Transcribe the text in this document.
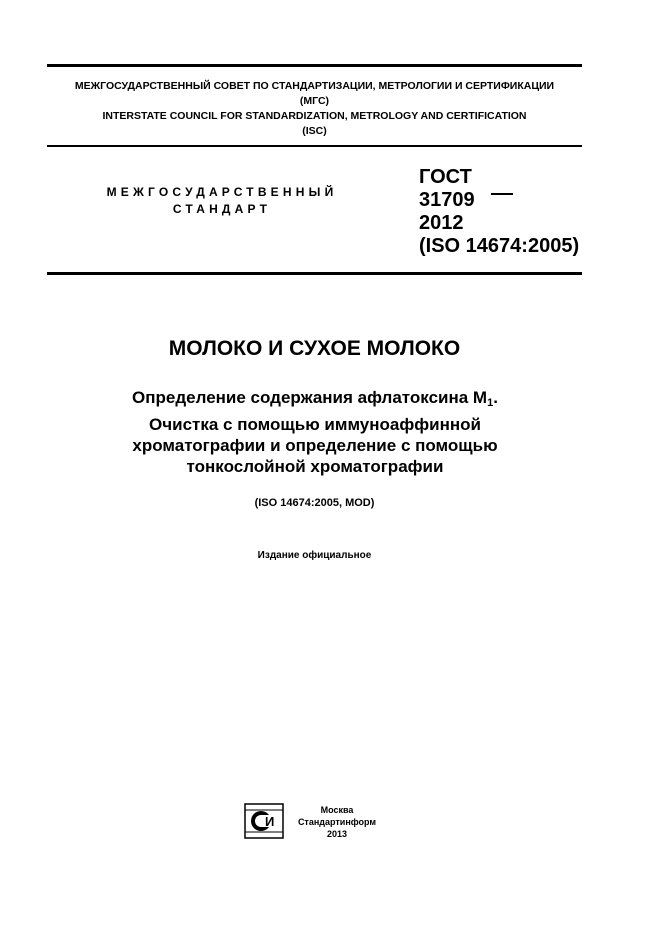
МЕЖГОСУДАРСТВЕННЫЙ СОВЕТ ПО СТАНДАРТИЗАЦИИ, МЕТРОЛОГИИ И СЕРТИФИКАЦИИ
(МГС)
INTERSTATE COUNCIL FOR STANDARDIZATION, METROLOGY AND CERTIFICATION
(ISC)
МЕЖГОСУДАРСТВЕННЫЙ
СТАНДАРТ
ГОСТ
31709
2012
(ISO 14674:2005)
МОЛОКО И СУХОЕ МОЛОКО
Определение содержания афлатоксина $M_1$.
Очистка с помощью иммуноаффинной
хроматографии и определение с помощью
тонкослойной хроматографии
(ISO 14674:2005, MOD)
Издание официальное
И
Москва
Стандартинформ
2013
